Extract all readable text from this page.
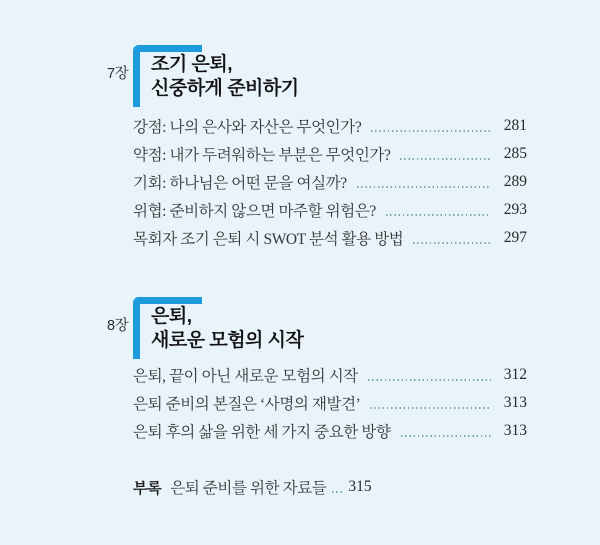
7장 조기 은퇴,
신중하게 준비하기
강점: 나의 은사와 자산은 무엇인가?	281
약점: 내가 두려워하는 부분은 무엇인가?	285
기회: 하나님은 어떤 문을 여실까?	289
위협: 준비하지 않으면 마주할 위험은?	293
목회자 조기 은퇴 시 SWOT 분석 활용 방법	297
8장 은퇴,
새로운 모험의 시작
은퇴, 끝이 아닌 새로운 모험의 시작	312
은퇴 준비의 본질은 ‘사명의 재발견’	313
은퇴 후의 삶을 위한 세 가지 중요한 방향	313
부록 은퇴 준비를 위한 자료들 315
